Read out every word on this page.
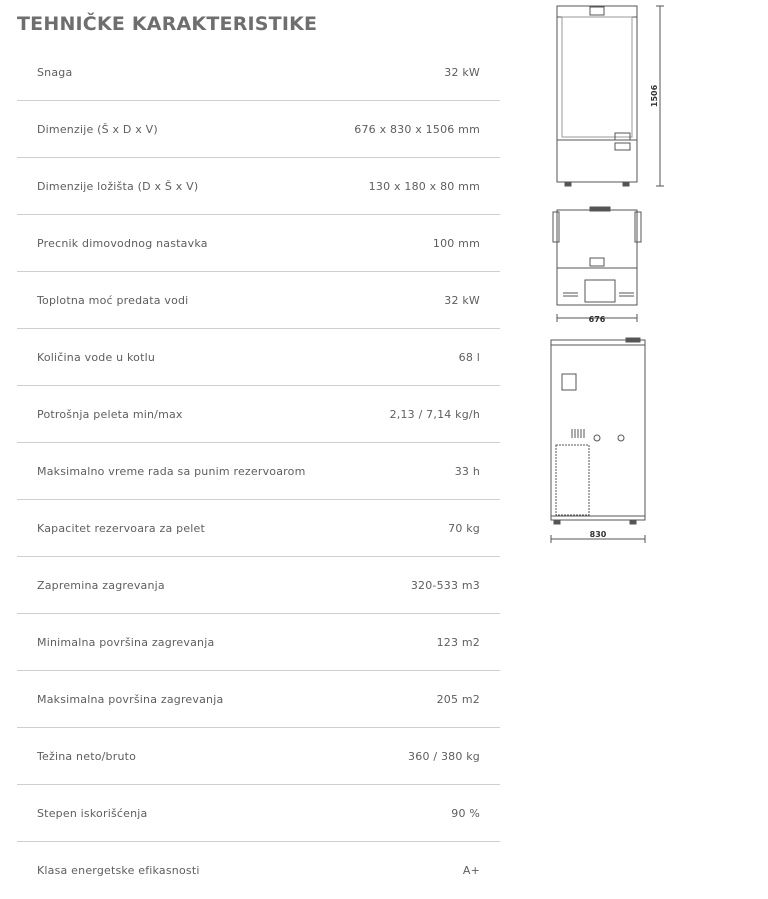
TEHNIČKE KARAKTERISTIKE
Snaga	32 kW
Dimenzije (Š x D x V)	676 x 830 x 1506 mm
Dimenzije ložišta (D x Š x V)	130 x 180 x 80 mm
Precnik dimovodnog nastavka	100 mm
Toplotna moć predata vodi	32 kW
Količina vode u kotlu	68 l
Potrošnja peleta min/max	2,13 / 7,14 kg/h
Maksimalno vreme rada sa punim rezervoarom	33 h
Kapacitet rezervoara za pelet	70 kg
Zapremina zagrevanja	320-533 m3
Minimalna površina zagrevanja	123 m2
Maksimalna površina zagrevanja	205 m2
Težina neto/bruto	360 / 380 kg
Stepen iskorišćenja	90 %
Klasa energetske efikasnosti	A+
1506
676
830
